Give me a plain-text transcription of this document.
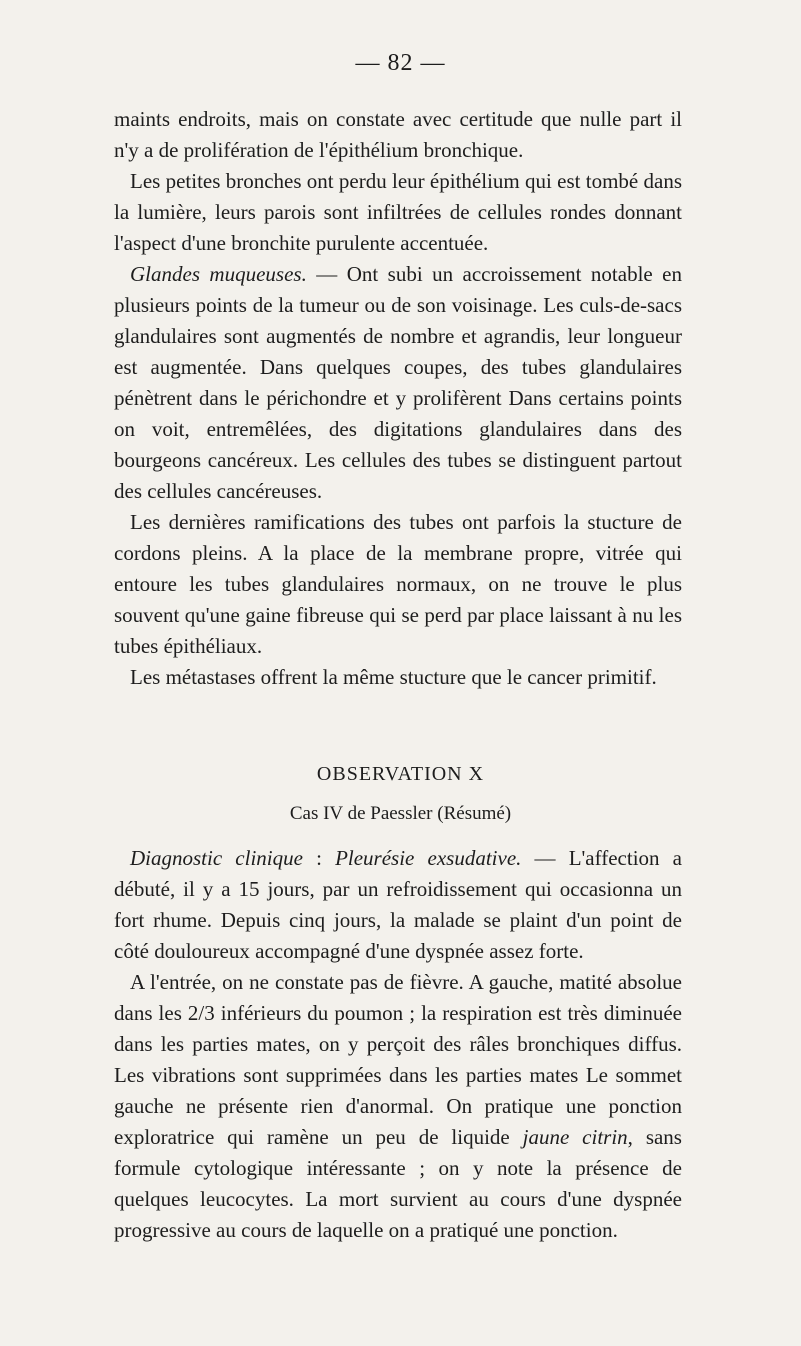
— 82 —

maints endroits, mais on constate avec certitude que nulle part il n'y a de prolifération de l'épithélium bronchique.

Les petites bronches ont perdu leur épithélium qui est tombé dans la lumière, leurs parois sont infiltrées de cellules rondes donnant l'aspect d'une bronchite purulente accentuée.

Glandes muqueuses. — Ont subi un accroissement notable en plusieurs points de la tumeur ou de son voisinage. Les culs-de-sacs glandulaires sont augmentés de nombre et agrandis, leur longueur est augmentée. Dans quelques coupes, des tubes glandulaires pénètrent dans le périchondre et y prolifèrent Dans certains points on voit, entremêlées, des digitations glandulaires dans des bourgeons cancéreux. Les cellules des tubes se distinguent partout des cellules cancéreuses.

Les dernières ramifications des tubes ont parfois la stucture de cordons pleins. A la place de la membrane propre, vitrée qui entoure les tubes glandulaires normaux, on ne trouve le plus souvent qu'une gaine fibreuse qui se perd par place laissant à nu les tubes épithéliaux.

Les métastases offrent la même stucture que le cancer primitif.

OBSERVATION X
Cas IV de Paessler (Résumé)

Diagnostic clinique : Pleurésie exsudative. — L'affection a débuté, il y a 15 jours, par un refroidissement qui occasionna un fort rhume. Depuis cinq jours, la malade se plaint d'un point de côté douloureux accompagné d'une dyspnée assez forte.

A l'entrée, on ne constate pas de fièvre. A gauche, matité absolue dans les 2/3 inférieurs du poumon ; la respiration est très diminuée dans les parties mates, on y perçoit des râles bronchiques diffus. Les vibrations sont supprimées dans les parties mates Le sommet gauche ne présente rien d'anormal. On pratique une ponction exploratrice qui ramène un peu de liquide jaune citrin, sans formule cytologique intéressante ; on y note la présence de quelques leucocytes. La mort survient au cours d'une dyspnée progressive au cours de laquelle on a pratiqué une ponction.
